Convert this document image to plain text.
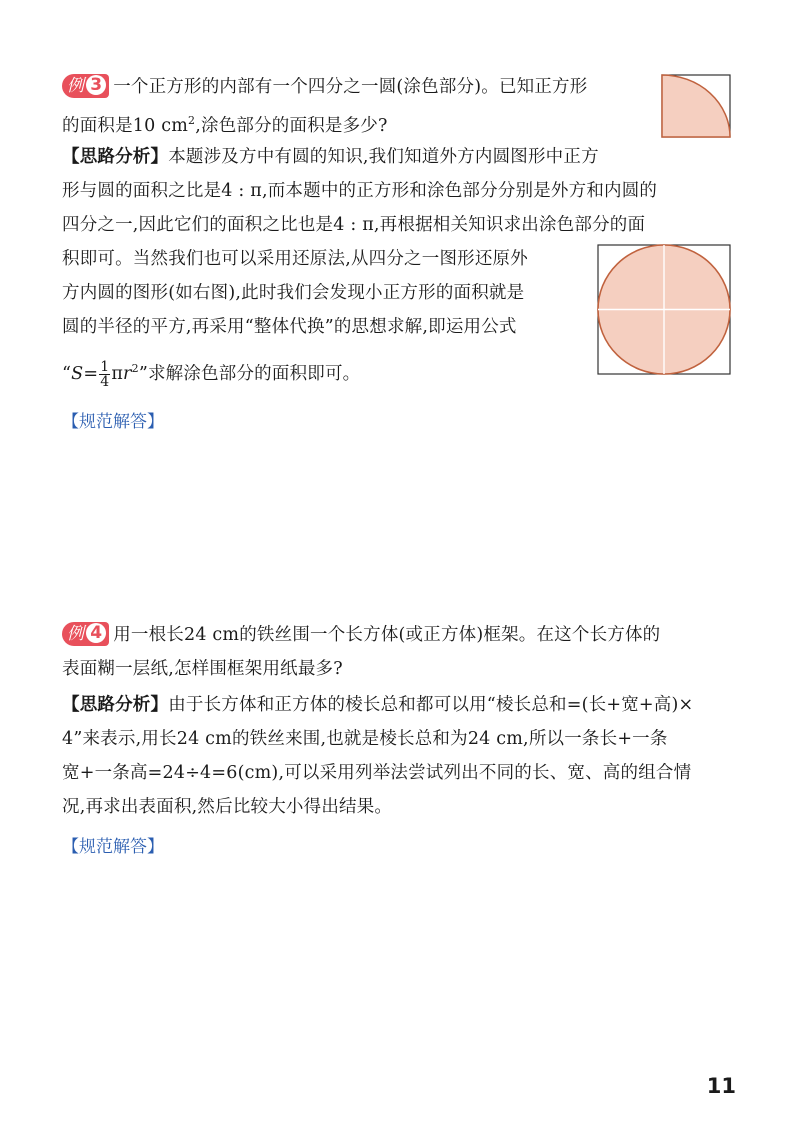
例 3 一个正方形的内部有一个四分之一圆(涂色部分)。已知正方形
的面积是10 $cm^2$,涂色部分的面积是多少?
【思路分析】本题涉及方中有圆的知识,我们知道外方内圆图形中正方
形与圆的面积之比是4 : π,而本题中的正方形和涂色部分分别是外方和内圆的
四分之一,因此它们的面积之比也是4 : π,再根据相关知识求出涂色部分的面
积即可。当然我们也可以采用还原法,从四分之一图形还原外
方内圆的图形(如右图),此时我们会发现小正方形的面积就是
圆的半径的平方,再采用“整体代换”的思想求解,即运用公式
“$S= \frac{1}{4} \pi r^2$”求解涂色部分的面积即可。
【规范解答】
例 4 用一根长24 cm的铁丝围一个长方体(或正方体)框架。在这个长方体的
表面糊一层纸,怎样围框架用纸最多?
【思路分析】由于长方体和正方体的棱长总和都可以用“棱长总和=(长+宽+高)×
4”来表示,用长24 cm的铁丝来围,也就是棱长总和为24 cm,所以一条长+一条
宽+一条高=24÷4=6(cm),可以采用列举法尝试列出不同的长、宽、高的组合情
况,再求出表面积,然后比较大小得出结果。
【规范解答】
11
